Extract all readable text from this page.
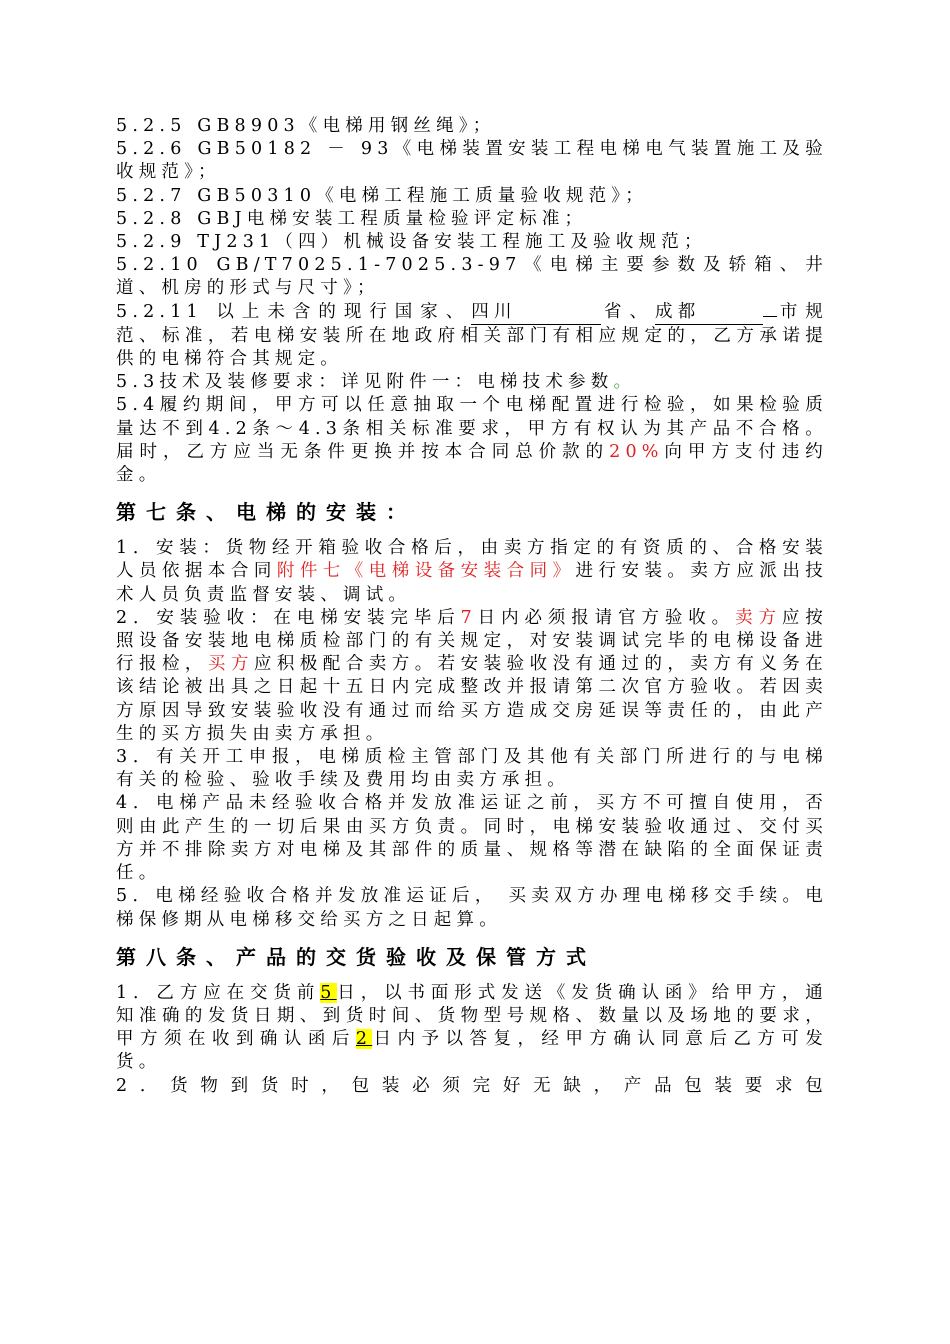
5.2.5 GB8903《电梯用钢丝绳》；

5.2.6 GB50182 － 93《电梯装置安装工程电梯电气装置施工及验收规范》；

5.2.7 GB50310《电梯工程施工质量验收规范》；

5.2.8 GBJ电梯安装工程质量检验评定标准；

5.2.9 TJ231（四）机械设备安装工程施工及验收规范；

5.2.10 GB/T7025.1-7025.3-97《电梯主要参数及轿箱、井道、机房的形式与尺寸》；

5.2.11 以上未含的现行国家、四川	省、成都	市规范、标准，若电梯安装所在地政府相关部门有相应规定的，乙方承诺提供的电梯符合其规定。

5.3技术及装修要求：详见附件一：电梯技术参数。

5.4履约期间，甲方可以任意抽取一个电梯配置进行检验，如果检验质量达不到4.2条～4.3条相关标准要求，甲方有权认为其产品不合格。届时，乙方应当无条件更换并按本合同总价款的20%向甲方支付违约金。

第七条、电梯的安装：

1．安装：货物经开箱验收合格后，由卖方指定的有资质的、合格安装人员依据本合同附件七《电梯设备安装合同》进行安装。卖方应派出技术人员负责监督安装、调试。

2．安装验收：在电梯安装完毕后7日内必须报请官方验收。卖方应按照设备安装地电梯质检部门的有关规定，对安装调试完毕的电梯设备进行报检，买方应积极配合卖方。若安装验收没有通过的，卖方有义务在该结论被出具之日起十五日内完成整改并报请第二次官方验收。若因卖方原因导致安装验收没有通过而给买方造成交房延误等责任的，由此产生的买方损失由卖方承担。

3．有关开工申报，电梯质检主管部门及其他有关部门所进行的与电梯有关的检验、验收手续及费用均由卖方承担。

4．电梯产品未经验收合格并发放准运证之前，买方不可擅自使用，否则由此产生的一切后果由买方负责。同时，电梯安装验收通过、交付买方并不排除卖方对电梯及其部件的质量、规格等潜在缺陷的全面保证责任。

5．电梯经验收合格并发放准运证后， 买卖双方办理电梯移交手续。电梯保修期从电梯移交给买方之日起算。

第八条、产品的交货验收及保管方式

1．乙方应在交货前5日，以书面形式发送《发货确认函》给甲方，通知准确的发货日期、到货时间、货物型号规格、数量以及场地的要求，甲方须在收到确认函后2日内予以答复，经甲方确认同意后乙方可发货。

2．货物到货时，包装必须完好无缺，产品包装要求包
